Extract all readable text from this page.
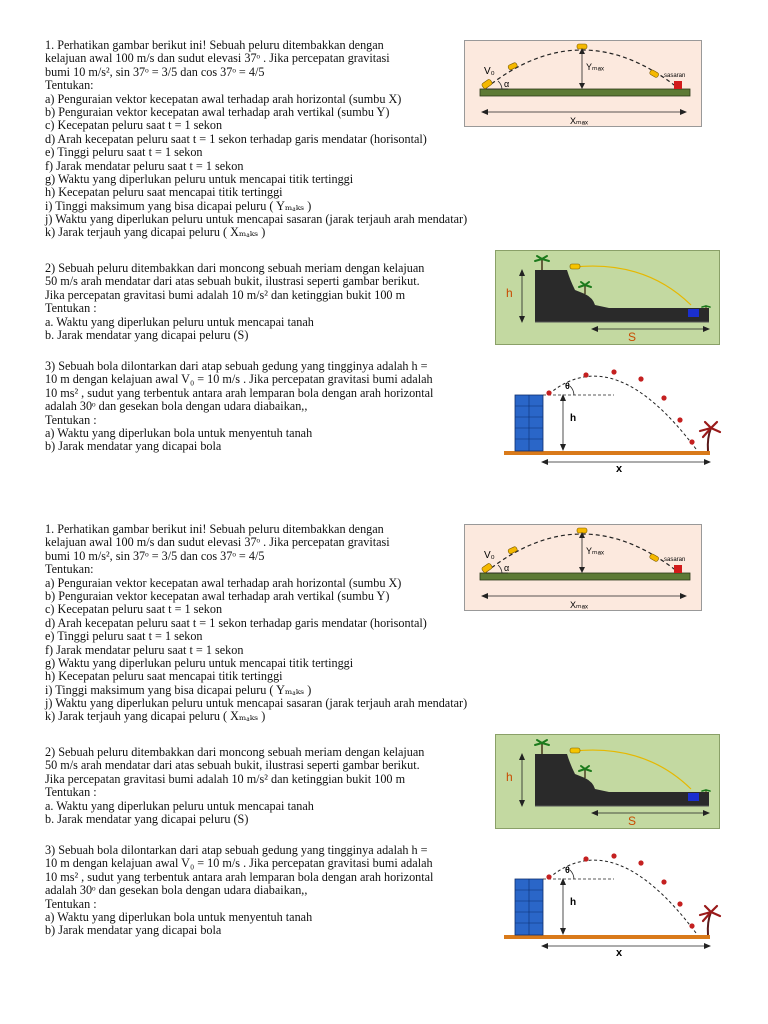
1. Perhatikan gambar berikut ini! Sebuah peluru ditembakkan dengan
kelajuan awal 100 m/s dan sudut elevasi 37ᵒ . Jika percepatan gravitasi
bumi 10 m/s², sin 37ᵒ = 3/5 dan cos 37ᵒ = 4/5
Tentukan:
a) Penguraian vektor kecepatan awal terhadap arah horizontal (sumbu X)
b) Penguraian vektor kecepatan awal terhadap arah vertikal (sumbu Y)
c) Kecepatan peluru saat t = 1 sekon
d) Arah kecepatan peluru saat t = 1 sekon terhadap garis mendatar (horisontal)
e) Tinggi peluru saat t = 1 sekon
f) Jarak mendatar peluru saat t = 1 sekon
g) Waktu yang diperlukan peluru untuk mencapai titik tertinggi
h) Kecepatan peluru saat mencapai titik tertinggi
i) Tinggi maksimum yang bisa dicapai peluru ( Yₘₐₖₛ )
j) Waktu yang diperlukan peluru untuk mencapai sasaran (jarak terjauh arah mendatar)
k) Jarak terjauh yang dicapai peluru ( Xₘₐₖₛ )
V₀
α
Yₘₐₓ
sasaran
Xₘₐₓ
2) Sebuah peluru ditembakkan dari moncong sebuah meriam dengan kelajuan
50 m/s arah mendatar dari atas sebuah bukit, ilustrasi seperti gambar berikut.
Jika percepatan gravitasi bumi adalah 10 m/s² dan ketinggian bukit 100 m
Tentukan :
a. Waktu yang diperlukan peluru untuk mencapai tanah
b. Jarak mendatar yang dicapai peluru (S)
h
S
3) Sebuah bola dilontarkan dari atap sebuah gedung yang tingginya adalah h =
10 m dengan kelajuan awal V₀ = 10 m/s . Jika percepatan gravitasi bumi adalah
10 ms² , sudut yang terbentuk antara arah lemparan bola dengan arah horizontal
adalah 30ᵒ dan gesekan bola dengan udara diabaikan,,
Tentukan :
a) Waktu yang diperlukan bola untuk menyentuh tanah
b) Jarak mendatar yang dicapai bola
θ
h
x
1. Perhatikan gambar berikut ini! Sebuah peluru ditembakkan dengan
kelajuan awal 100 m/s dan sudut elevasi 37ᵒ . Jika percepatan gravitasi
bumi 10 m/s², sin 37ᵒ = 3/5 dan cos 37ᵒ = 4/5
Tentukan:
a) Penguraian vektor kecepatan awal terhadap arah horizontal (sumbu X)
b) Penguraian vektor kecepatan awal terhadap arah vertikal (sumbu Y)
c) Kecepatan peluru saat t = 1 sekon
d) Arah kecepatan peluru saat t = 1 sekon terhadap garis mendatar (horisontal)
e) Tinggi peluru saat t = 1 sekon
f) Jarak mendatar peluru saat t = 1 sekon
g) Waktu yang diperlukan peluru untuk mencapai titik tertinggi
h) Kecepatan peluru saat mencapai titik tertinggi
i) Tinggi maksimum yang bisa dicapai peluru ( Yₘₐₖₛ )
j) Waktu yang diperlukan peluru untuk mencapai sasaran (jarak terjauh arah mendatar)
k) Jarak terjauh yang dicapai peluru ( Xₘₐₖₛ )
V₀
α
Yₘₐₓ
sasaran
Xₘₐₓ
2) Sebuah peluru ditembakkan dari moncong sebuah meriam dengan kelajuan
50 m/s arah mendatar dari atas sebuah bukit, ilustrasi seperti gambar berikut.
Jika percepatan gravitasi bumi adalah 10 m/s² dan ketinggian bukit 100 m
Tentukan :
a. Waktu yang diperlukan peluru untuk mencapai tanah
b. Jarak mendatar yang dicapai peluru (S)
h
S
3) Sebuah bola dilontarkan dari atap sebuah gedung yang tingginya adalah h =
10 m dengan kelajuan awal V₀ = 10 m/s . Jika percepatan gravitasi bumi adalah
10 ms² , sudut yang terbentuk antara arah lemparan bola dengan arah horizontal
adalah 30ᵒ dan gesekan bola dengan udara diabaikan,,
Tentukan :
a) Waktu yang diperlukan bola untuk menyentuh tanah
b) Jarak mendatar yang dicapai bola
θ
h
x
